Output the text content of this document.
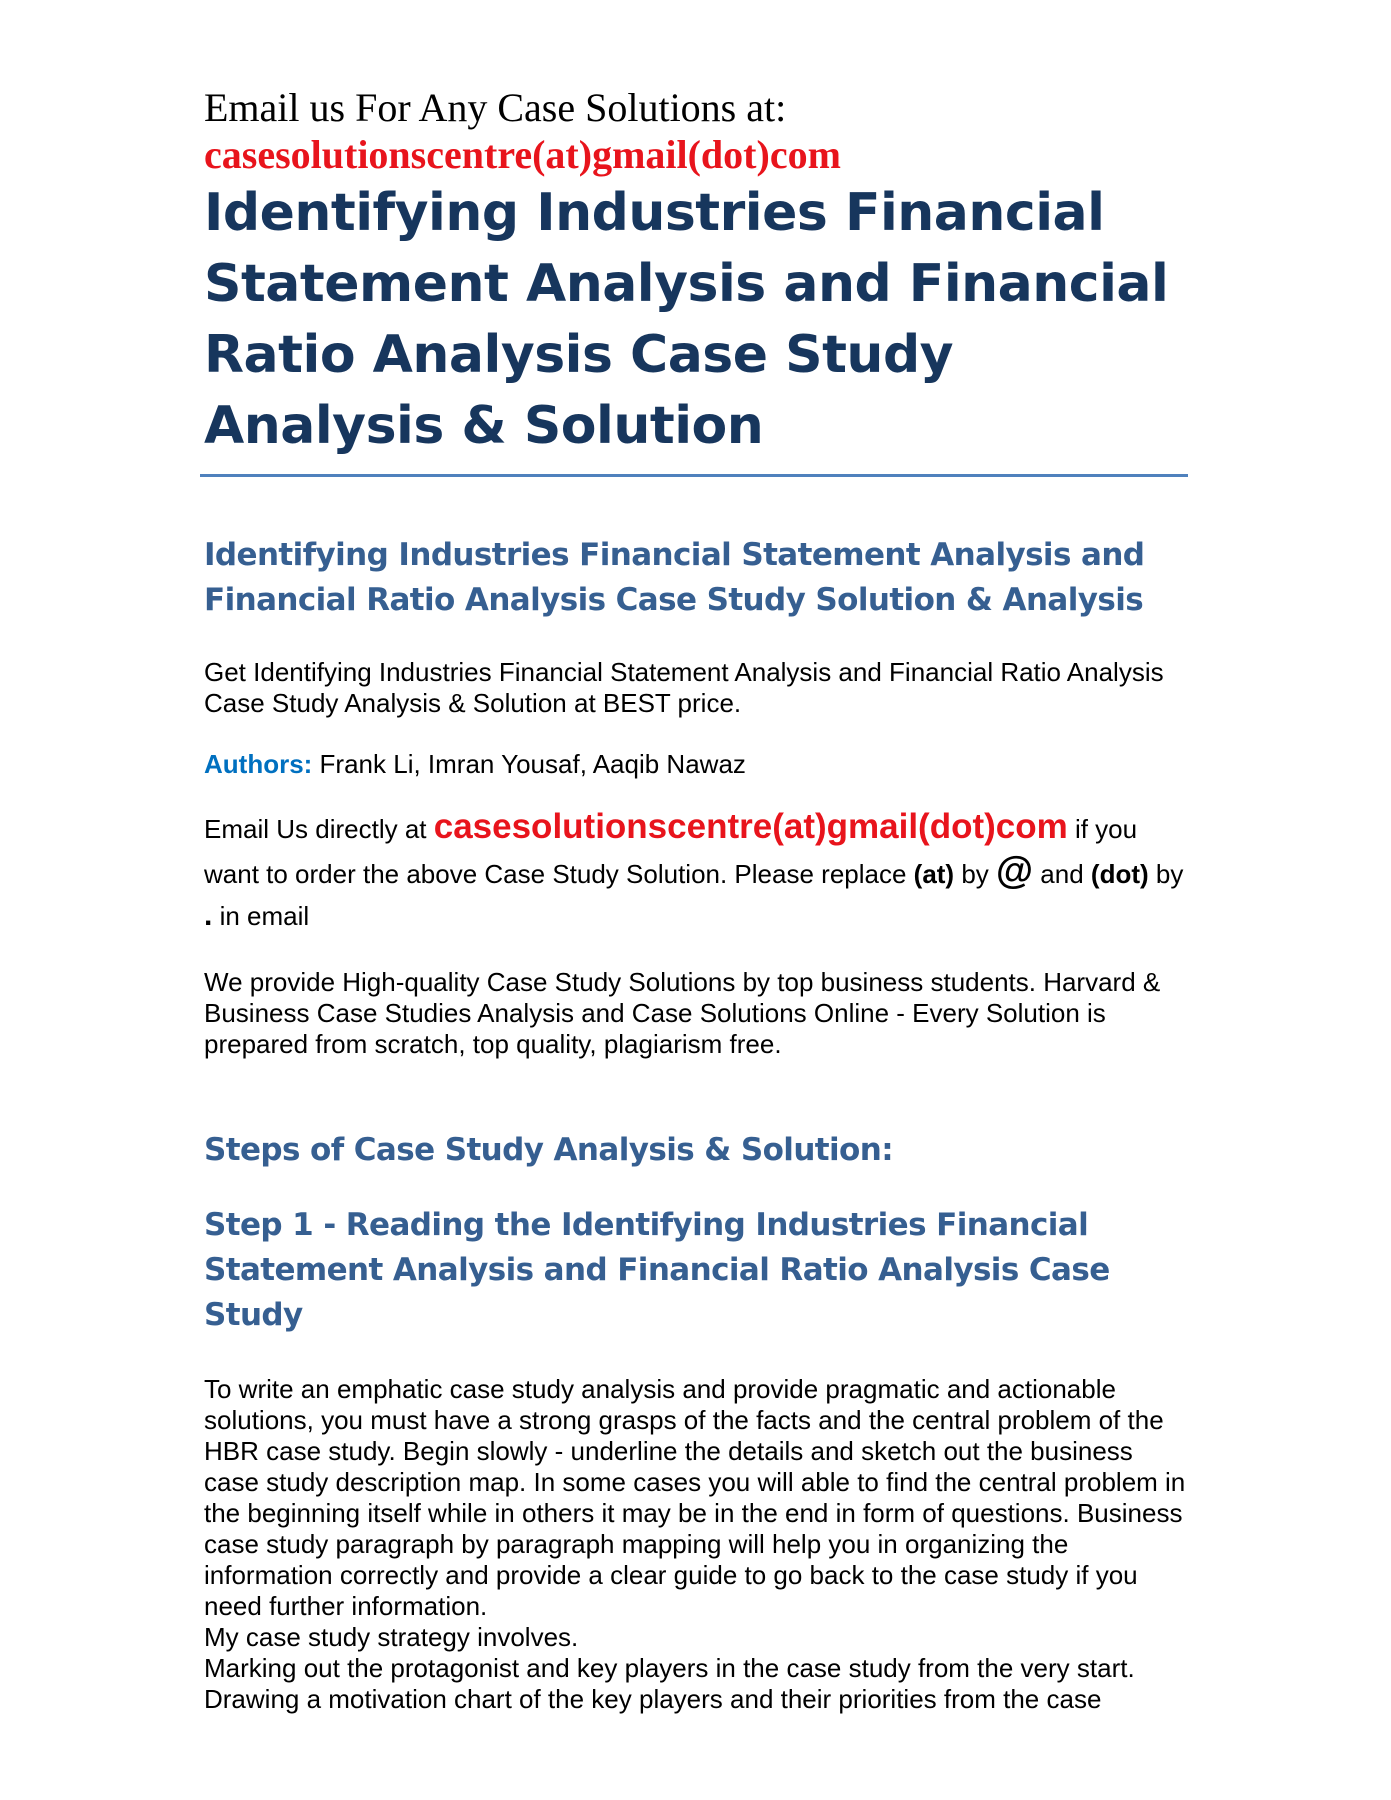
Email us For Any Case Solutions at:

casesolutionscentre(at)gmail(dot)com

Identifying Industries Financial Statement Analysis and Financial Ratio Analysis Case Study Analysis & Solution
Identifying Industries Financial Statement Analysis and Financial Ratio Analysis Case Study Solution & Analysis

Get Identifying Industries Financial Statement Analysis and Financial Ratio Analysis Case Study Analysis & Solution at BEST price.

Authors: Frank Li, Imran Yousaf, Aaqib Nawaz

Email Us directly at casesolutionscentre(at)gmail(dot)com if you want to order the above Case Study Solution. Please replace (at) by @ and (dot) by . in email

We provide High-quality Case Study Solutions by top business students. Harvard & Business Case Studies Analysis and Case Solutions Online - Every Solution is prepared from scratch, top quality, plagiarism free.

Steps of Case Study Analysis & Solution:
Step 1 - Reading the Identifying Industries Financial Statement Analysis and Financial Ratio Analysis Case Study

To write an emphatic case study analysis and provide pragmatic and actionable solutions, you must have a strong grasps of the facts and the central problem of the HBR case study. Begin slowly - underline the details and sketch out the business case study description map. In some cases you will able to find the central problem in the beginning itself while in others it may be in the end in form of questions. Business case study paragraph by paragraph mapping will help you in organizing the information correctly and provide a clear guide to go back to the case study if you need further information.

My case study strategy involves.

Marking out the protagonist and key players in the case study from the very start.

Drawing a motivation chart of the key players and their priorities from the case
